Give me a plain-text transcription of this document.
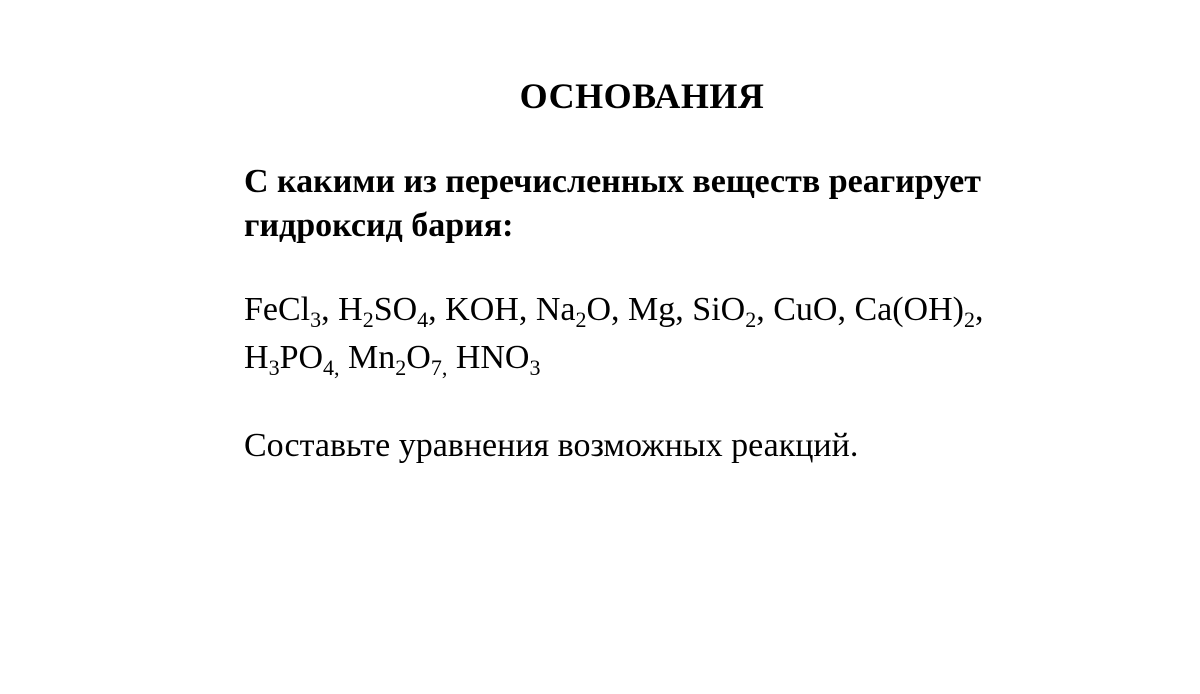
ОСНОВАНИЯ
С какими из перечисленных веществ реагирует гидроксид бария:
FeCl$_3$, $H_2SO_4$, KOH, $Na_2O$, Mg, SiO$_2$, CuO, $Ca(OH)_2$,
$H_3PO_{4,}$ $Mn_2O_{7,}$ $HNO_3$
Составьте уравнения возможных реакций.
